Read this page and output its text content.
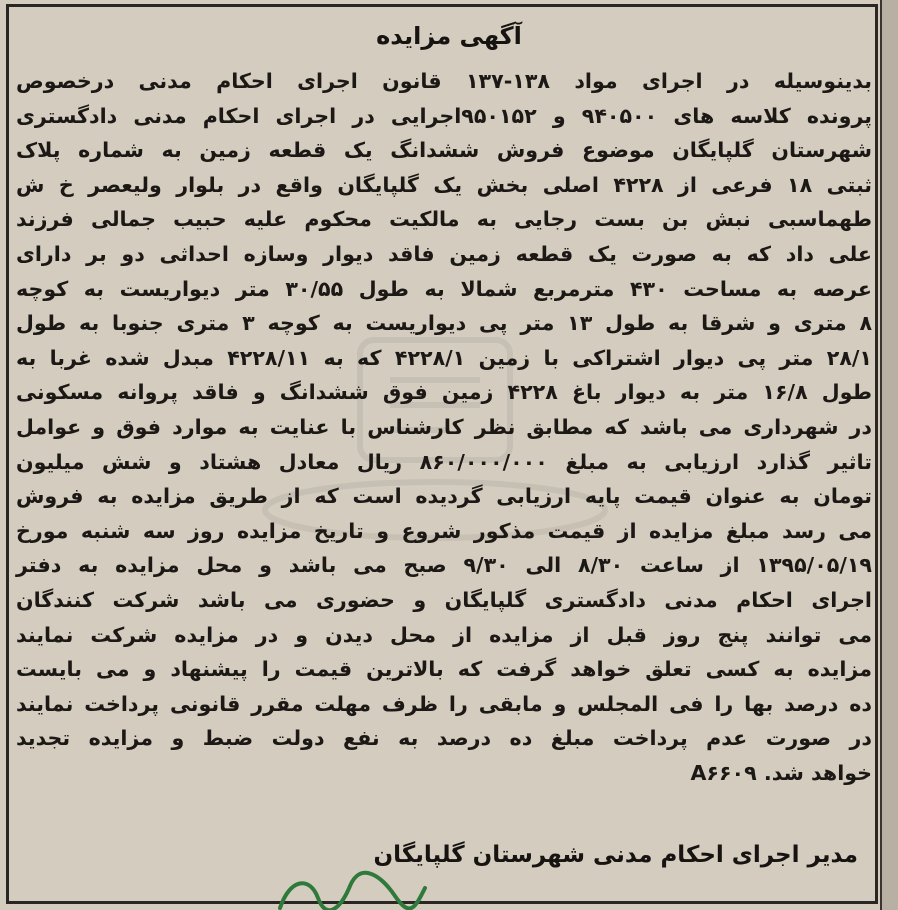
آگهی مزایده
بدینوسیله در اجرای مواد ۱۳۸-۱۳۷ قانون اجرای احکام مدنی درخصوص
پرونده کلاسه های ۹۴۰۵۰۰ و ۹۵۰۱۵۲اجرایی در اجرای احکام مدنی دادگستری
شهرستان گلپایگان موضوع فروش ششدانگ یک قطعه زمین به شماره پلاک
ثبتی ۱۸ فرعی از ۴۲۲۸ اصلی بخش یک گلپایگان واقع در بلوار ولیعصر خ ش
طهماسبی نبش بن بست رجایی به مالکیت محکوم علیه حبیب جمالی فرزند
علی داد که به صورت یک قطعه زمین فاقد دیوار وسازه احداثی دو بر دارای
عرصه به مساحت ۴۳۰ مترمربع شمالا به طول ۳۰/۵۵ متر دیواریست به کوچه
۸ متری و شرقا به طول ۱۳ متر پی دیواریست به کوچه ۳ متری جنوبا به طول
۲۸/۱ متر پی دیوار اشتراکی با زمین ۴۲۲۸/۱ که به ۴۲۲۸/۱۱ مبدل شده غربا به
طول ۱۶/۸ متر به دیوار باغ ۴۲۲۸ زمین فوق ششدانگ و فاقد پروانه مسکونی
در شهرداری می باشد که مطابق نظر کارشناس با عنایت به موارد فوق و عوامل
تاثیر گذارد ارزیابی به مبلغ ۸۶۰/۰۰۰/۰۰۰ ریال معادل هشتاد و شش میلیون
تومان به عنوان قیمت پایه ارزیابی گردیده است که از طریق مزایده به فروش
می رسد مبلغ مزایده از قیمت مذکور شروع و تاریخ مزایده روز سه شنبه مورخ
۱۳۹۵/۰۵/۱۹ از ساعت ۸/۳۰ الی ۹/۳۰ صبح می باشد و محل مزایده به دفتر
اجرای احکام مدنی دادگستری گلپایگان و حضوری می باشد شرکت کنندگان
می توانند پنج روز قبل از مزایده از محل دیدن و در مزایده شرکت نمایند
مزایده به کسی تعلق خواهد گرفت که بالاترین قیمت را پیشنهاد و می بایست
ده درصد بها را فی المجلس و مابقی را ظرف مهلت مقرر قانونی پرداخت نمایند
در صورت عدم پرداخت مبلغ ده درصد به نفع دولت ضبط و مزایده تجدید
خواهد شد. A۶۶۰۹
مدیر اجرای احکام مدنی شهرستان گلپایگان
